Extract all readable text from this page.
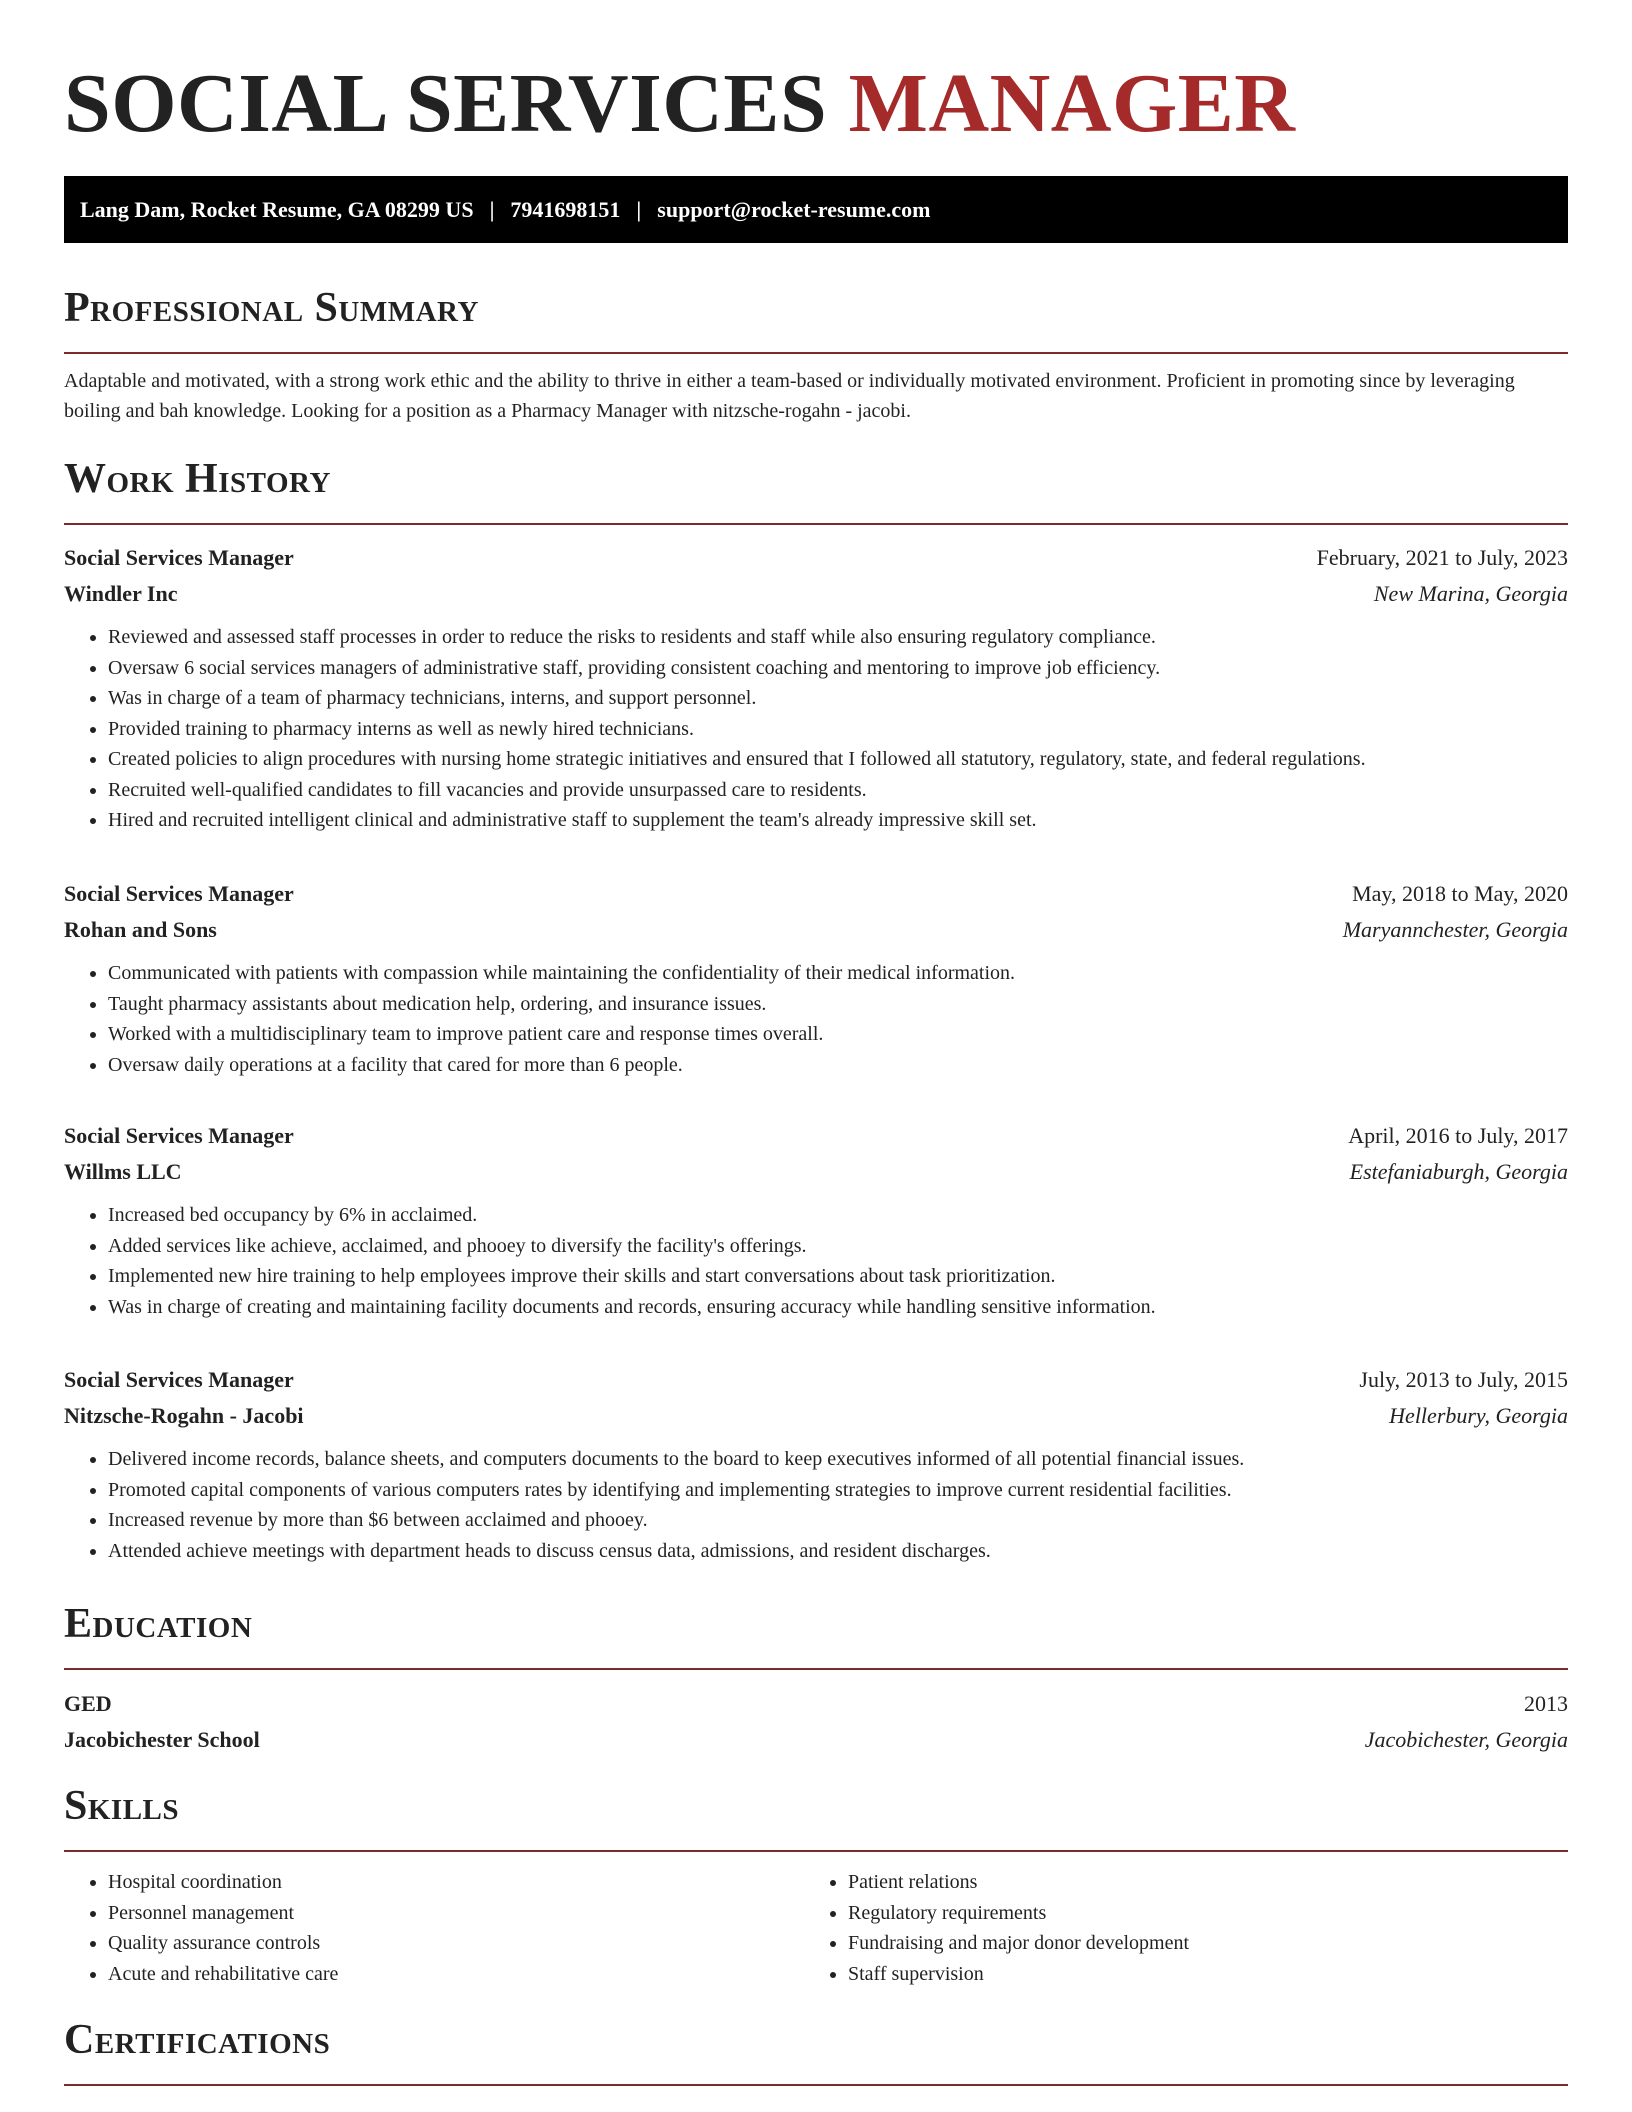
SOCIAL SERVICES MANAGER
Lang Dam, Rocket Resume, GA 08299 US | 7941698151 | support@rocket-resume.com
Professional Summary

Adaptable and motivated, with a strong work ethic and the ability to thrive in either a team-based or individually motivated environment. Proficient in promoting since by leveraging boiling and bah knowledge. Looking for a position as a Pharmacy Manager with nitzsche-rogahn - jacobi.

Work History
Social Services Manager	February, 2021 to July, 2023
Windler Inc	New Marina, Georgia
• Reviewed and assessed staff processes in order to reduce the risks to residents and staff while also ensuring regulatory compliance.
• Oversaw 6 social services managers of administrative staff, providing consistent coaching and mentoring to improve job efficiency.
• Was in charge of a team of pharmacy technicians, interns, and support personnel.
• Provided training to pharmacy interns as well as newly hired technicians.
• Created policies to align procedures with nursing home strategic initiatives and ensured that I followed all statutory, regulatory, state, and federal regulations.
• Recruited well-qualified candidates to fill vacancies and provide unsurpassed care to residents.
• Hired and recruited intelligent clinical and administrative staff to supplement the team's already impressive skill set.
Social Services Manager	May, 2018 to May, 2020
Rohan and Sons	Maryannchester, Georgia
• Communicated with patients with compassion while maintaining the confidentiality of their medical information.
• Taught pharmacy assistants about medication help, ordering, and insurance issues.
• Worked with a multidisciplinary team to improve patient care and response times overall.
• Oversaw daily operations at a facility that cared for more than 6 people.
Social Services Manager	April, 2016 to July, 2017
Willms LLC	Estefaniaburgh, Georgia
• Increased bed occupancy by 6% in acclaimed.
• Added services like achieve, acclaimed, and phooey to diversify the facility's offerings.
• Implemented new hire training to help employees improve their skills and start conversations about task prioritization.
• Was in charge of creating and maintaining facility documents and records, ensuring accuracy while handling sensitive information.
Social Services Manager	July, 2013 to July, 2015
Nitzsche-Rogahn - Jacobi	Hellerbury, Georgia
• Delivered income records, balance sheets, and computers documents to the board to keep executives informed of all potential financial issues.
• Promoted capital components of various computers rates by identifying and implementing strategies to improve current residential facilities.
• Increased revenue by more than $6 between acclaimed and phooey.
• Attended achieve meetings with department heads to discuss census data, admissions, and resident discharges.
Education
GED	2013
Jacobichester School	Jacobichester, Georgia
Skills
• Hospital coordination
• Personnel management
• Quality assurance controls
• Acute and rehabilitative care
• Patient relations
• Regulatory requirements
• Fundraising and major donor development
• Staff supervision
Certifications
